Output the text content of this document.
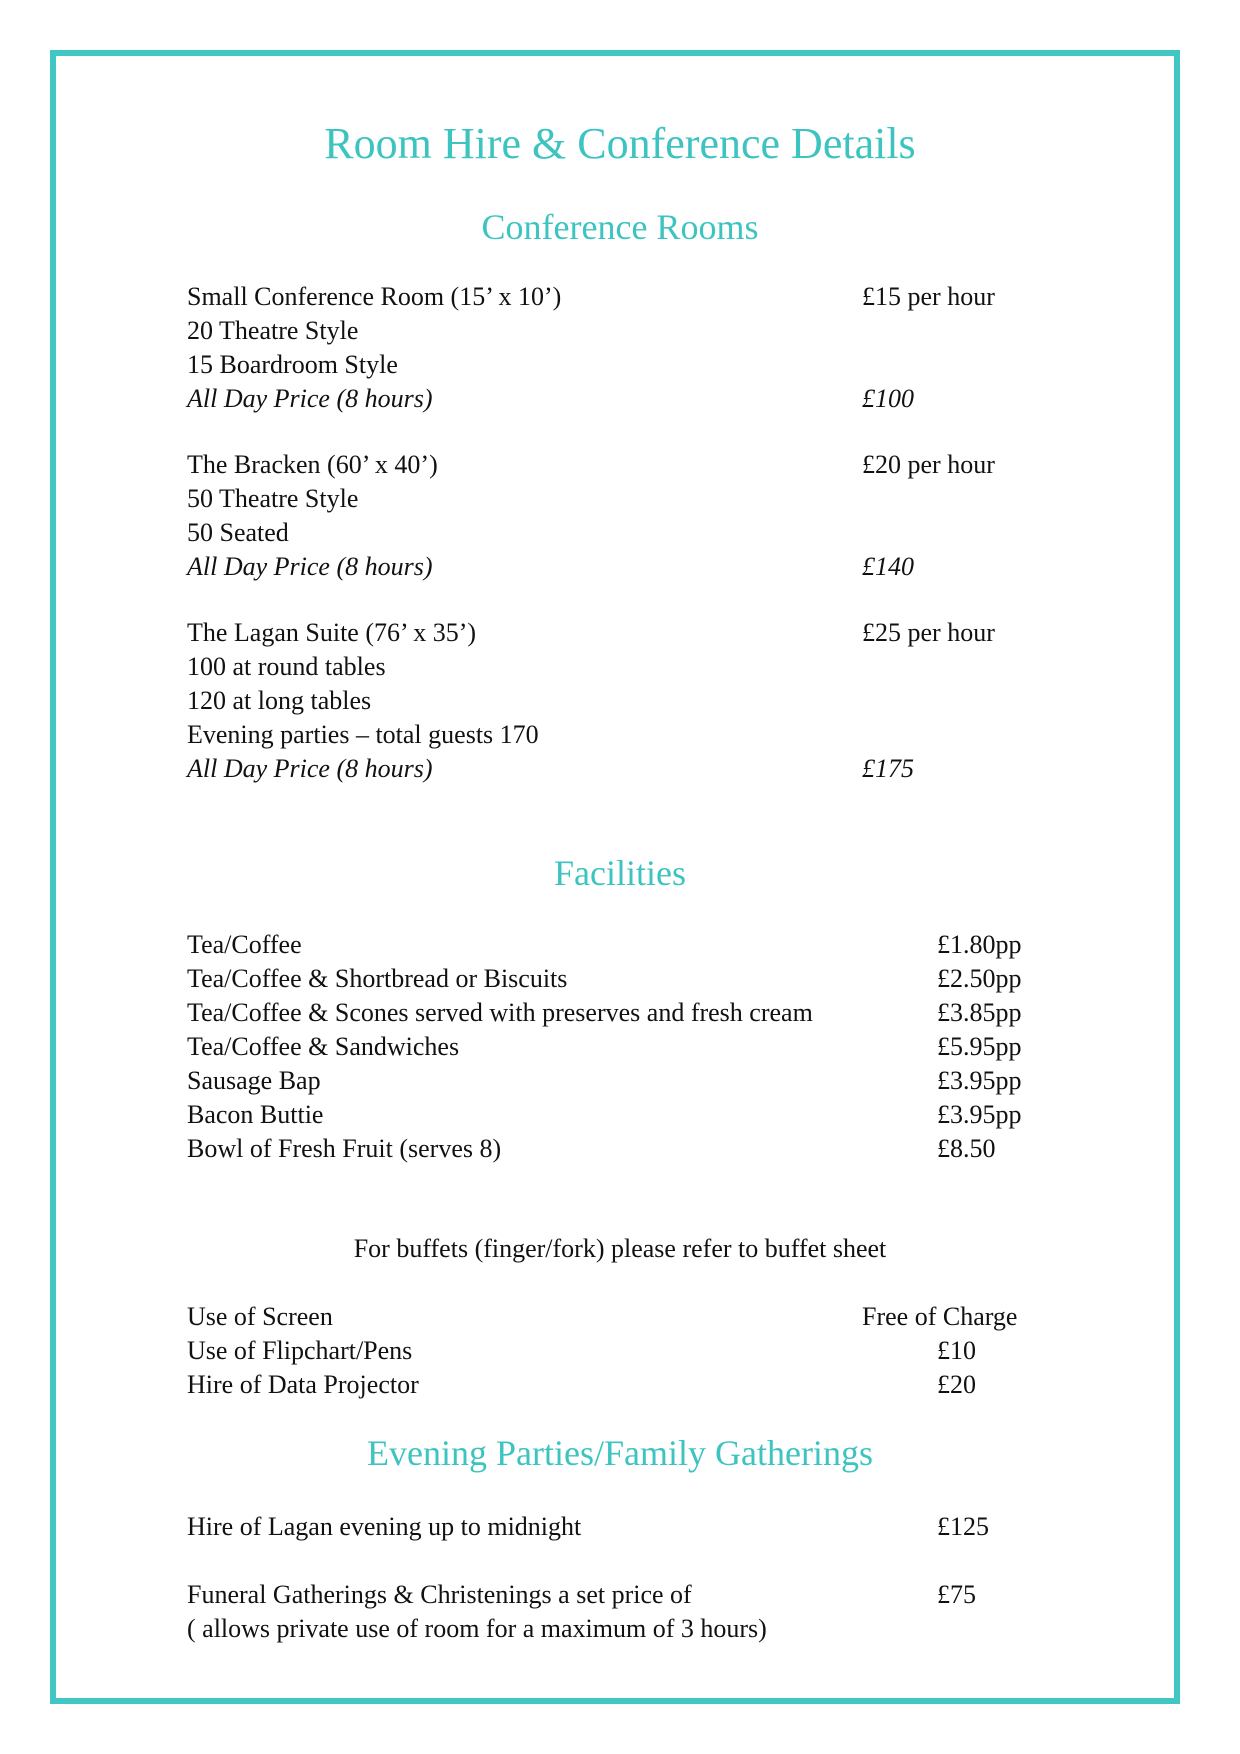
Room Hire & Conference Details
Conference Rooms
Small Conference Room (15’ x 10’)	£15 per hour
20 Theatre Style
15 Boardroom Style
All Day Price (8 hours)	£100
The Bracken (60’ x 40’)	£20 per hour
50 Theatre Style
50 Seated
All Day Price (8 hours)	£140
The Lagan Suite (76’ x 35’)	£25 per hour
100 at round tables
120 at long tables
Evening parties – total guests 170
All Day Price (8 hours)	£175
Facilities
Tea/Coffee	£1.80pp
Tea/Coffee & Shortbread or Biscuits	£2.50pp
Tea/Coffee & Scones served with preserves and fresh cream	£3.85pp
Tea/Coffee & Sandwiches	£5.95pp
Sausage Bap	£3.95pp
Bacon Buttie	£3.95pp
Bowl of Fresh Fruit (serves 8)	£8.50
For buffets (finger/fork) please refer to buffet sheet
Use of Screen	Free of Charge
Use of Flipchart/Pens	£10
Hire of Data Projector	£20
Evening Parties/Family Gatherings
Hire of Lagan evening up to midnight	£125
Funeral Gatherings & Christenings a set price of	£75
( allows private use of room for a maximum of 3 hours)
